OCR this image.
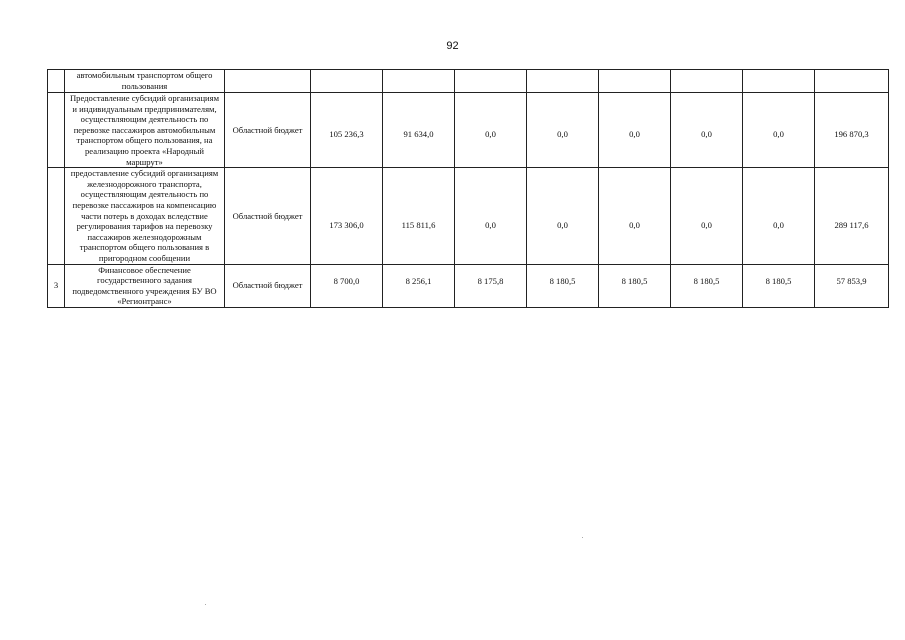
92
	автомобильным транспортом общего пользования									
	Предоставление субсидий организациям и индивидуальным предпринимателям, осуществляющим деятельность по перевозке пассажиров автомобильным транспортом общего пользования, на реализацию проекта «Народный маршрут»	Областной бюджет	105 236,3	91 634,0	0,0	0,0	0,0	0,0	0,0	196 870,3
	предоставление субсидий организациям железнодорожного транспорта, осуществляющим деятельность по перевозке пассажиров на компенсацию части потерь в доходах вследствие регулирования тарифов на перевозку пассажиров железнодорожным транспортом общего пользования в пригородном сообщении	Областной бюджет	173 306,0	115 811,6	0,0	0,0	0,0	0,0	0,0	289 117,6
3	Финансовое обеспечение государственного задания подведомственного учреждения БУ ВО «Регионтранс»	Областной бюджет	8 700,0	8 256,1	8 175,8	8 180,5	8 180,5	8 180,5	8 180,5	57 853,9
